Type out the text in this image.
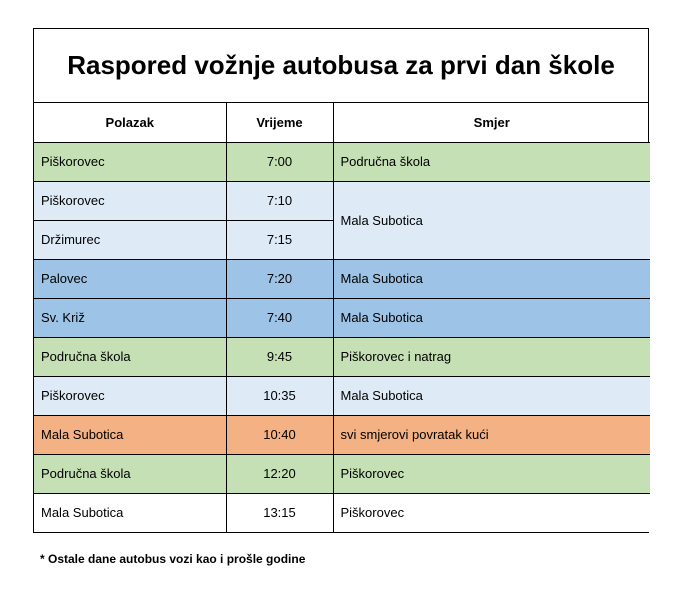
Raspored vožnje autobusa za prvi dan škole
Polazak	Vrijeme	Smjer
Piškorovec	7:00	Područna škola
Piškorovec	7:10	Mala Subotica
Držimurec	7:15	
Palovec	7:20	Mala Subotica
Sv. Križ	7:40	Mala Subotica
Područna škola	9:45	Piškorovec i natrag
Piškorovec	10:35	Mala Subotica
Mala Subotica	10:40	svi smjerovi povratak kući
Područna škola	12:20	Piškorovec
Mala Subotica	13:15	Piškorovec
* Ostale dane autobus vozi kao i prošle godine
